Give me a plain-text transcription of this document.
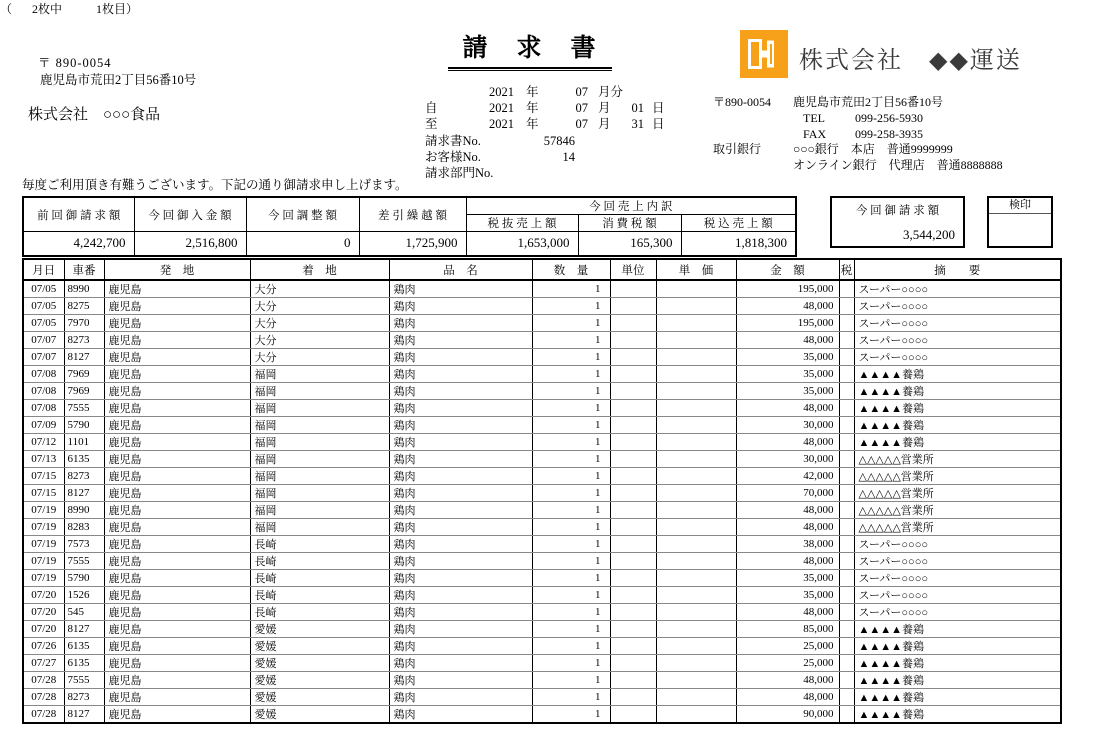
請　求　書
〒 890-0054
鹿児島市荒田2丁目56番10号
株式会社　○○○食品
2021 年	07 月分
自	2021 年	07 月 01 日
至	2021 年	07 月 31 日
請求書No.	57846
お客様No.	14
請求部門No.
株式会社　◆◆運送
〒890-0054	鹿児島市荒田2丁目56番10号
TEL	099-256-5930
FAX	099-258-3935
取引銀行	○○○銀行　本店　普通9999999
オンライン銀行　代理店　普通8888888
毎度ご利用頂き有難うございます。下記の通り御請求申し上げます。
前 回 御 請 求 額	今 回 御 入 金 額	今 回 調 整 額	差 引 繰 越 額	今 回 売 上 内 訳		
				税 抜 売 上 額	消 費 税 額	税 込 売 上 額
4,242,700	2,516,800	0	1,725,900	1,653,000	165,300	1,818,300
今 回 御 請 求 額
3,544,200
検印
月日	車番	発　地	着　地	品　名	数　量	単位	単　価	金　額	税	摘　　要
07/05	8990	鹿児島	大分	鶏肉	1			195,000		スーパー○○○○
07/05	8275	鹿児島	大分	鶏肉	1			48,000		スーパー○○○○
07/05	7970	鹿児島	大分	鶏肉	1			195,000		スーパー○○○○
07/07	8273	鹿児島	大分	鶏肉	1			48,000		スーパー○○○○
07/07	8127	鹿児島	大分	鶏肉	1			35,000		スーパー○○○○
07/08	7969	鹿児島	福岡	鶏肉	1			35,000		▲▲▲▲養鶏
07/08	7969	鹿児島	福岡	鶏肉	1			35,000		▲▲▲▲養鶏
07/08	7555	鹿児島	福岡	鶏肉	1			48,000		▲▲▲▲養鶏
07/09	5790	鹿児島	福岡	鶏肉	1			30,000		▲▲▲▲養鶏
07/12	1101	鹿児島	福岡	鶏肉	1			48,000		▲▲▲▲養鶏
07/13	6135	鹿児島	福岡	鶏肉	1			30,000		△△△△△営業所
07/15	8273	鹿児島	福岡	鶏肉	1			42,000		△△△△△営業所
07/15	8127	鹿児島	福岡	鶏肉	1			70,000		△△△△△営業所
07/19	8990	鹿児島	福岡	鶏肉	1			48,000		△△△△△営業所
07/19	8283	鹿児島	福岡	鶏肉	1			48,000		△△△△△営業所
07/19	7573	鹿児島	長崎	鶏肉	1			38,000		スーパー○○○○
07/19	7555	鹿児島	長崎	鶏肉	1			48,000		スーパー○○○○
07/19	5790	鹿児島	長崎	鶏肉	1			35,000		スーパー○○○○
07/20	1526	鹿児島	長崎	鶏肉	1			35,000		スーパー○○○○
07/20	545	鹿児島	長崎	鶏肉	1			48,000		スーパー○○○○
07/20	8127	鹿児島	愛媛	鶏肉	1			85,000		▲▲▲▲養鶏
07/26	6135	鹿児島	愛媛	鶏肉	1			25,000		▲▲▲▲養鶏
07/27	6135	鹿児島	愛媛	鶏肉	1			25,000		▲▲▲▲養鶏
07/28	7555	鹿児島	愛媛	鶏肉	1			48,000		▲▲▲▲養鶏
07/28	8273	鹿児島	愛媛	鶏肉	1			48,000		▲▲▲▲養鶏
07/28	8127	鹿児島	愛媛	鶏肉	1			90,000		▲▲▲▲養鶏
（ 2枚中	1枚目）
